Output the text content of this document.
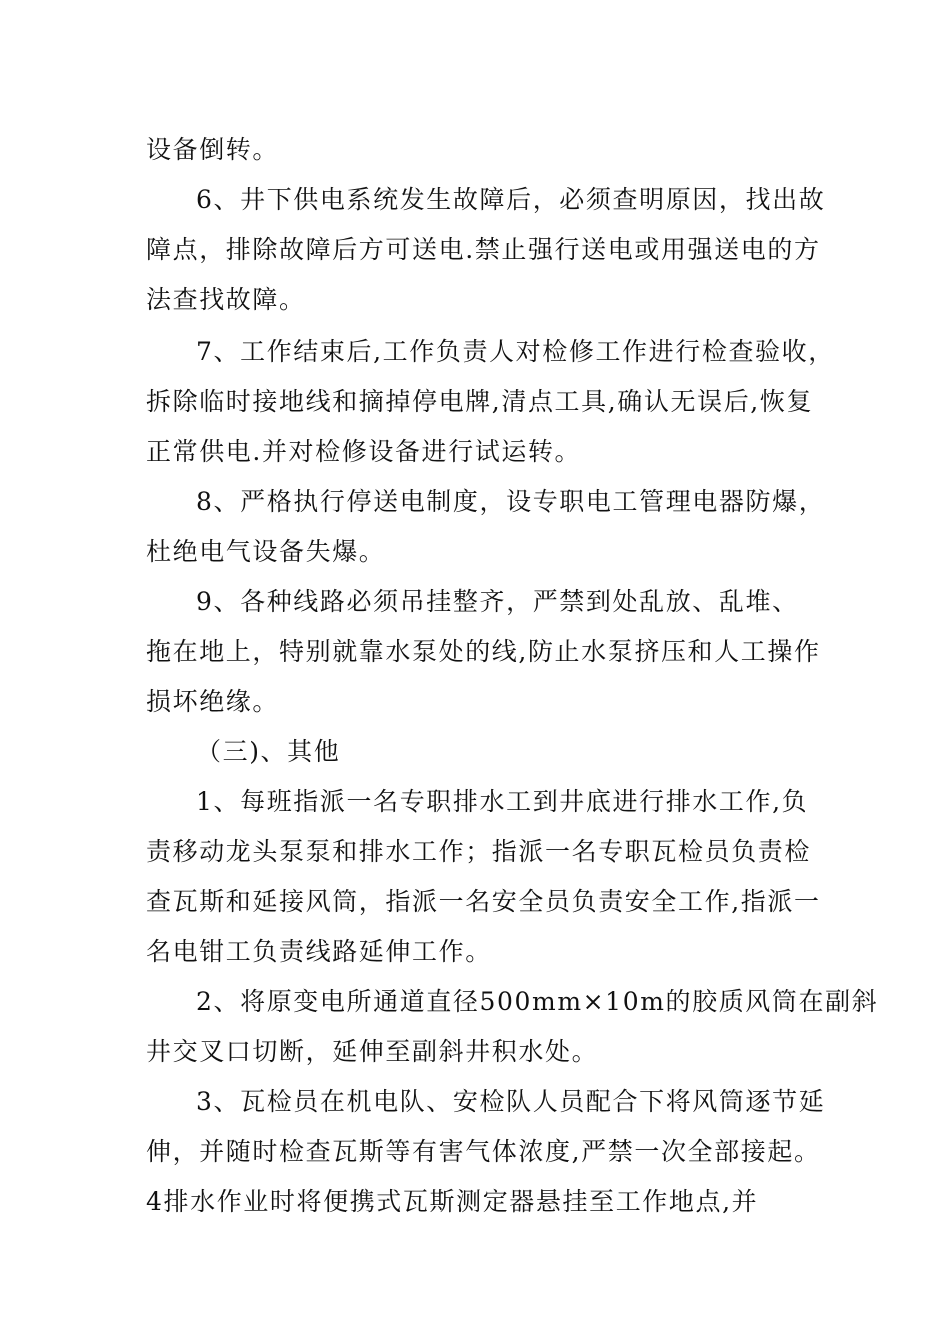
设备倒转。
6、井下供电系统发生故障后，必须查明原因，找出故
障点，排除故障后方可送电.禁止强行送电或用强送电的方
法查找故障。
7、工作结束后,工作负责人对检修工作进行检查验收，
拆除临时接地线和摘掉停电牌,清点工具,确认无误后,恢复
正常供电.并对检修设备进行试运转。
8、严格执行停送电制度，设专职电工管理电器防爆，
杜绝电气设备失爆。
9、各种线路必须吊挂整齐，严禁到处乱放、乱堆、
拖在地上，特别就靠水泵处的线,防止水泵挤压和人工操作
损坏绝缘。
（三)、其他
1、每班指派一名专职排水工到井底进行排水工作,负
责移动龙头泵泵和排水工作；指派一名专职瓦检员负责检
查瓦斯和延接风筒，指派一名安全员负责安全工作,指派一
名电钳工负责线路延伸工作。
2、将原变电所通道直径500mm×10m的胶质风筒在副斜
井交叉口切断，延伸至副斜井积水处。
3、瓦检员在机电队、安检队人员配合下将风筒逐节延
伸，并随时检查瓦斯等有害气体浓度,严禁一次全部接起。
4排水作业时将便携式瓦斯测定器悬挂至工作地点,并
